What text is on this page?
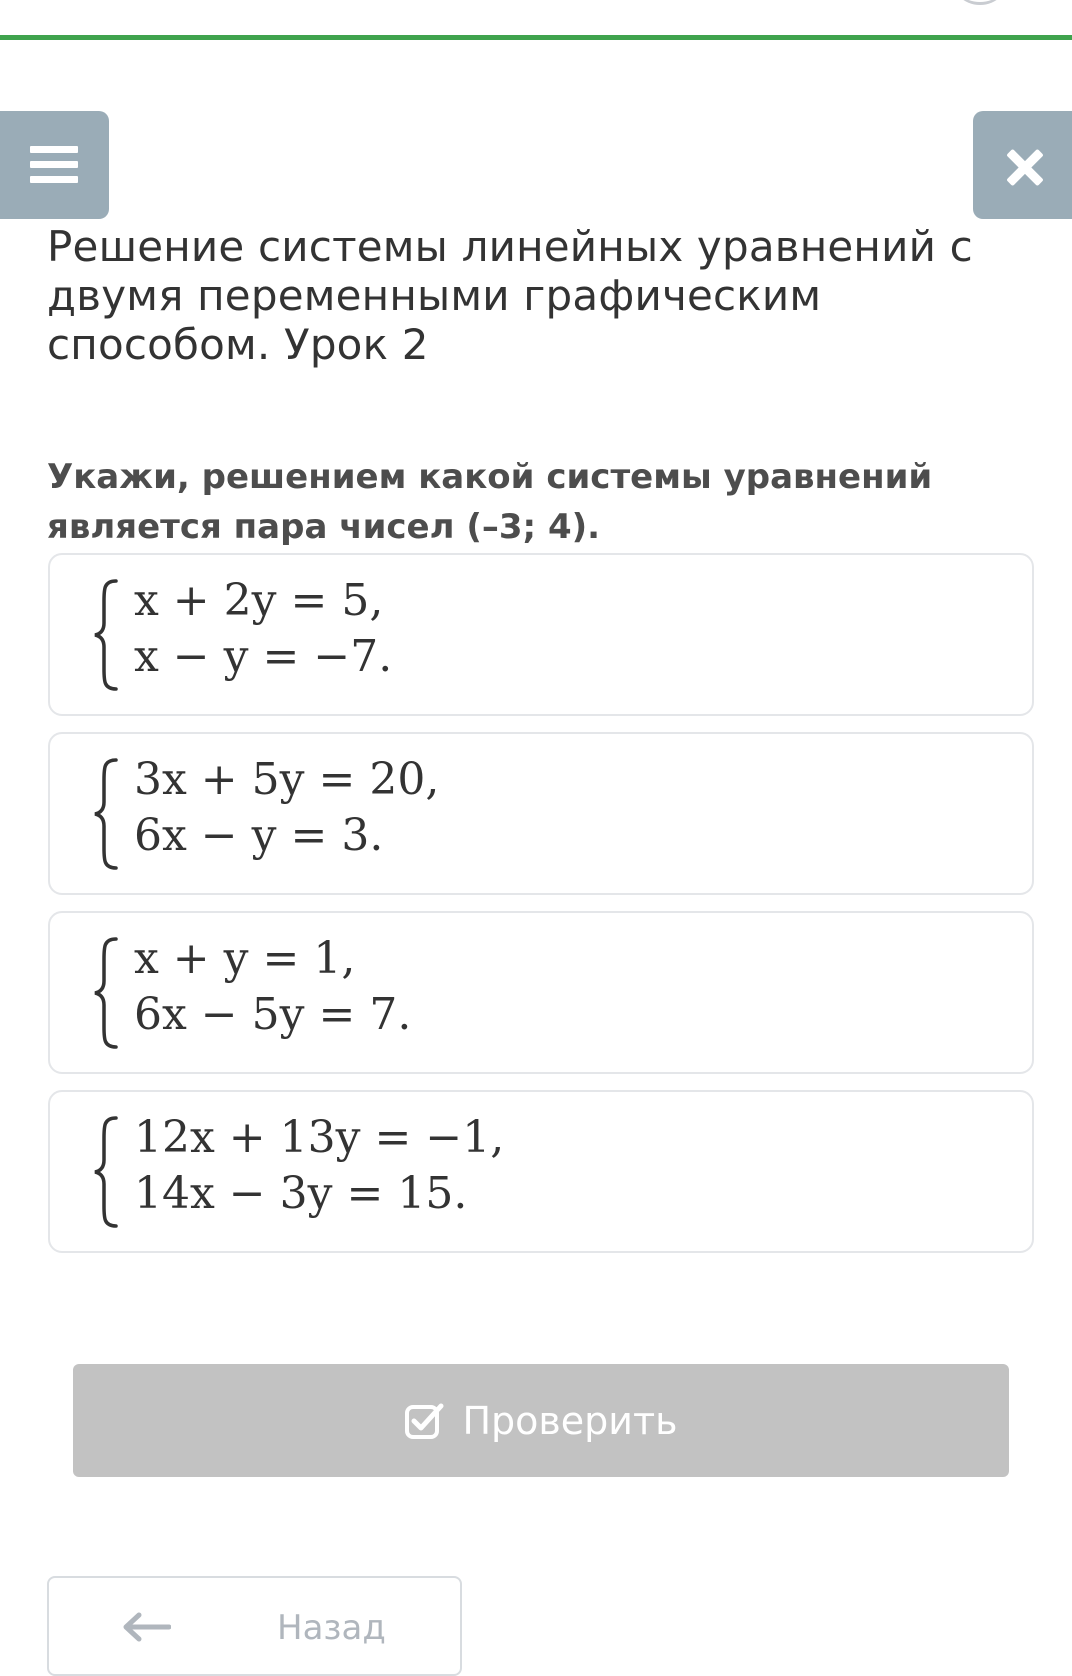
Решение системы линейных уравнений с двумя переменными графическим способом. Урок 2

Укажи, решением какой системы уравнений является пара чисел (–3; 4).

x + 2y = 5,
x − y = −7.
3x + 5y = 20,
6x − y = 3.
x + y = 1,
6x − 5y = 7.
12x + 13y = −1,
14x − 3y = 15.
Проверить
Назад
